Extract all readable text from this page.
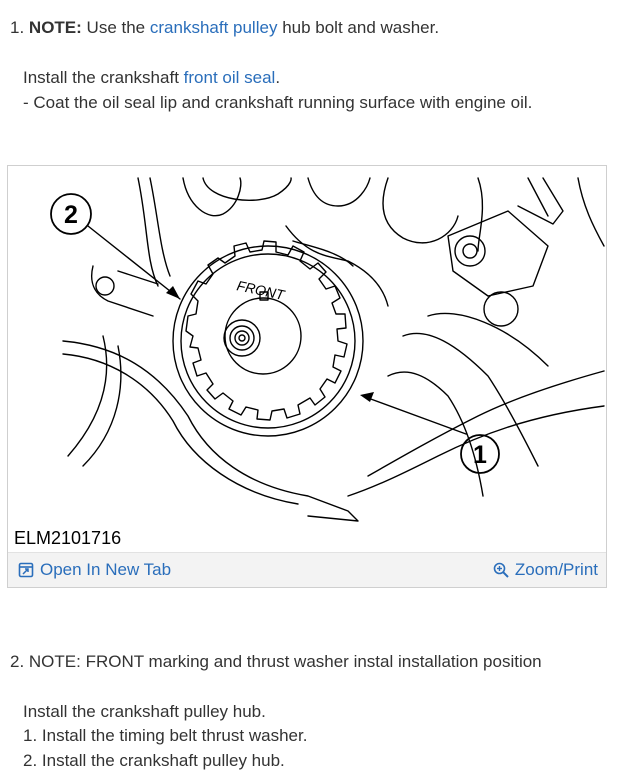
1. NOTE: Use the crankshaft pulley hub bolt and washer.
Install the crankshaft front oil seal.
- Coat the oil seal lip and crankshaft running surface with engine oil.
2
1
FRONT
ELM2101716
Open In New Tab	Zoom/Print
2. NOTE: FRONT marking and thrust washer instal installation position
Install the crankshaft pulley hub.
1. Install the timing belt thrust washer.
2. Install the crankshaft pulley hub.
